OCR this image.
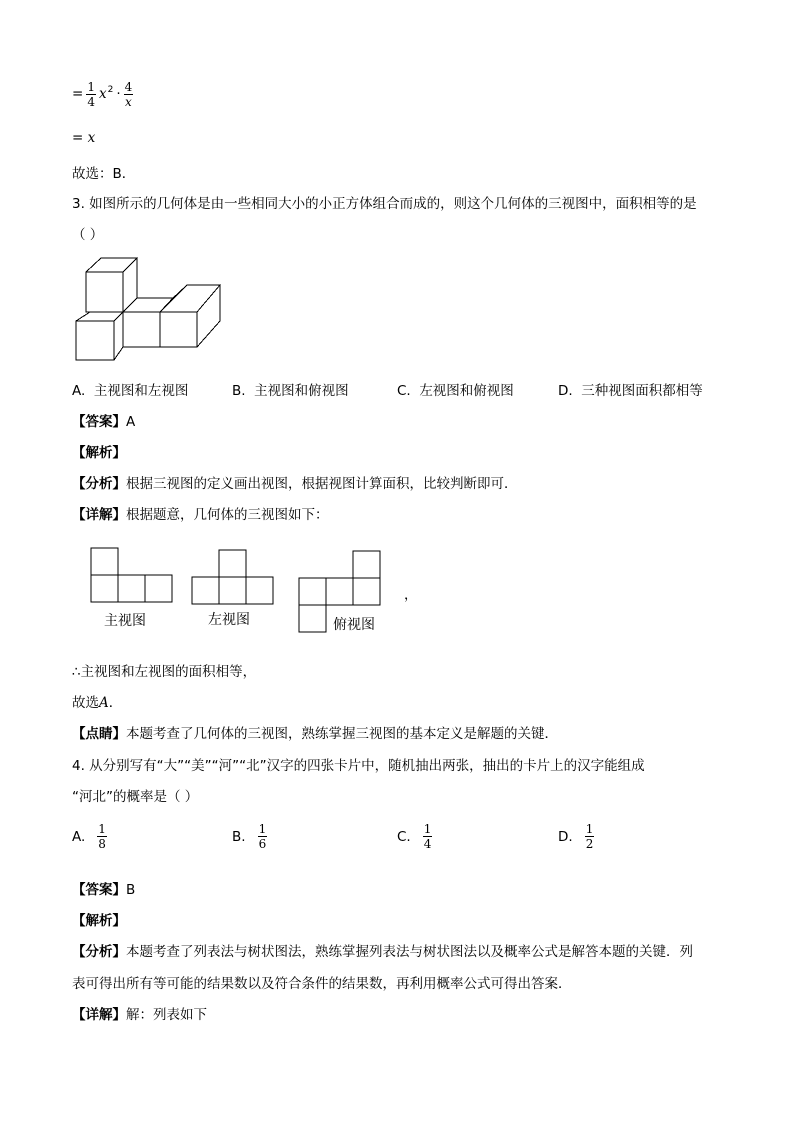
= $\frac{1}{4} x^2 \cdot \frac{4}{x}$
= x
故选：B．
3. 如图所示的几何体是由一些相同大小的小正方体组合而成的，则这个几何体的三视图中，面积相等的是
（ ）
A. 主视图和左视图	B. 主视图和俯视图	C. 左视图和俯视图	D. 三种视图面积都相等
【答案】A
【解析】
【分析】根据三视图的定义画出视图，根据视图计算面积，比较判断即可．
【详解】根据题意，几何体的三视图如下：
主视图	左视图	俯视图
，
∴主视图和左视图的面积相等，
故选A．
【点睛】本题考查了几何体的三视图，熟练掌握三视图的基本定义是解题的关键．
4. 从分别写有“大”“美”“河”“北”汉字的四张卡片中，随机抽出两张，抽出的卡片上的汉字能组成
“河北”的概率是（ ）
A. $\frac{1}{8}$	B. $\frac{1}{6}$	C. $\frac{1}{4}$	D. $\frac{1}{2}$
【答案】B
【解析】
【分析】本题考查了列表法与树状图法，熟练掌握列表法与树状图法以及概率公式是解答本题的关键．列
表可得出所有等可能的结果数以及符合条件的结果数，再利用概率公式可得出答案．
【详解】解：列表如下
